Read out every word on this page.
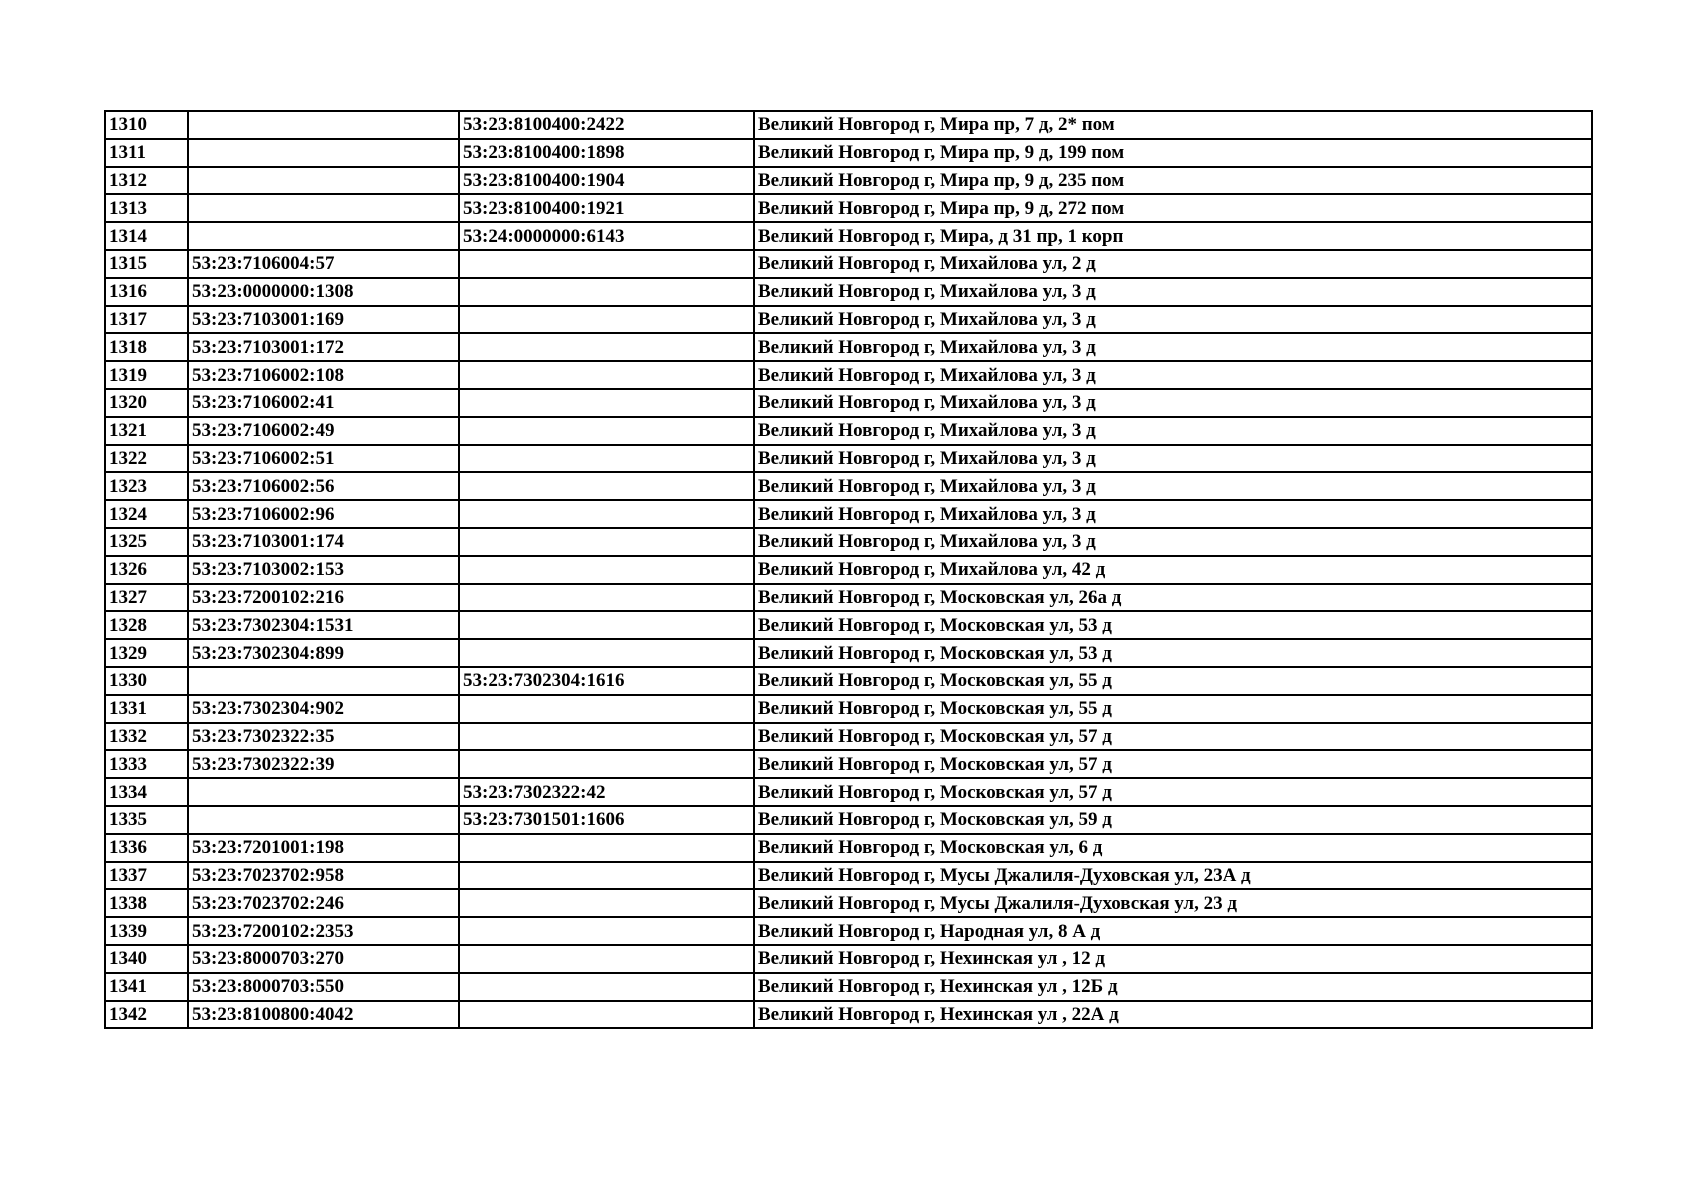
1310		53:23:8100400:2422	Великий Новгород г, Мира пр, 7 д, 2* пом
1311		53:23:8100400:1898	Великий Новгород г, Мира пр, 9 д, 199 пом
1312		53:23:8100400:1904	Великий Новгород г, Мира пр, 9 д, 235 пом
1313		53:23:8100400:1921	Великий Новгород г, Мира пр, 9 д, 272 пом
1314		53:24:0000000:6143	Великий Новгород г, Мира, д 31 пр, 1 корп
1315	53:23:7106004:57		Великий Новгород г, Михайлова ул, 2 д
1316	53:23:0000000:1308		Великий Новгород г, Михайлова ул, 3 д
1317	53:23:7103001:169		Великий Новгород г, Михайлова ул, 3 д
1318	53:23:7103001:172		Великий Новгород г, Михайлова ул, 3 д
1319	53:23:7106002:108		Великий Новгород г, Михайлова ул, 3 д
1320	53:23:7106002:41		Великий Новгород г, Михайлова ул, 3 д
1321	53:23:7106002:49		Великий Новгород г, Михайлова ул, 3 д
1322	53:23:7106002:51		Великий Новгород г, Михайлова ул, 3 д
1323	53:23:7106002:56		Великий Новгород г, Михайлова ул, 3 д
1324	53:23:7106002:96		Великий Новгород г, Михайлова ул, 3 д
1325	53:23:7103001:174		Великий Новгород г, Михайлова ул, 3 д
1326	53:23:7103002:153		Великий Новгород г, Михайлова ул, 42 д
1327	53:23:7200102:216		Великий Новгород г, Московская ул, 26а д
1328	53:23:7302304:1531		Великий Новгород г, Московская ул, 53 д
1329	53:23:7302304:899		Великий Новгород г, Московская ул, 53 д
1330		53:23:7302304:1616	Великий Новгород г, Московская ул, 55 д
1331	53:23:7302304:902		Великий Новгород г, Московская ул, 55 д
1332	53:23:7302322:35		Великий Новгород г, Московская ул, 57 д
1333	53:23:7302322:39		Великий Новгород г, Московская ул, 57 д
1334		53:23:7302322:42	Великий Новгород г, Московская ул, 57 д
1335		53:23:7301501:1606	Великий Новгород г, Московская ул, 59 д
1336	53:23:7201001:198		Великий Новгород г, Московская ул, 6 д
1337	53:23:7023702:958		Великий Новгород г, Мусы Джалиля-Духовская ул, 23А д
1338	53:23:7023702:246		Великий Новгород г, Мусы Джалиля-Духовская ул, 23 д
1339	53:23:7200102:2353		Великий Новгород г, Народная ул, 8 А д
1340	53:23:8000703:270		Великий Новгород г, Нехинская ул , 12 д
1341	53:23:8000703:550		Великий Новгород г, Нехинская ул , 12Б д
1342	53:23:8100800:4042		Великий Новгород г, Нехинская ул , 22А д
